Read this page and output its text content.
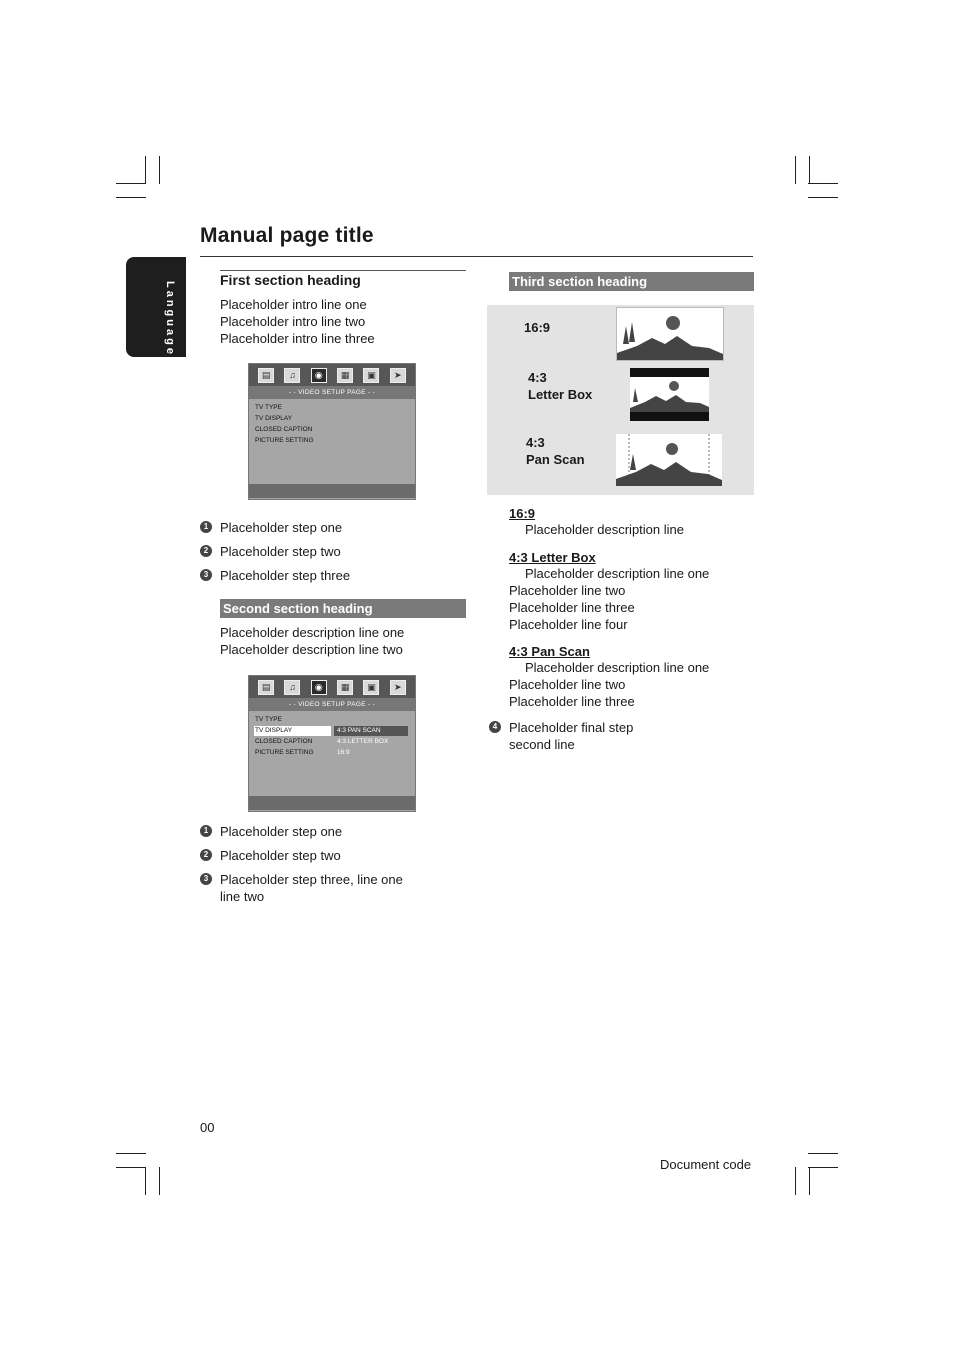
Language
Manual page title
First section heading
Placeholder intro line one
Placeholder intro line two
Placeholder intro line three
▤	♫	◉	▦	▣	➤
- - VIDEO SETUP PAGE - -
TV TYPE
TV DISPLAY
CLOSED CAPTION
PICTURE SETTING
1 Placeholder step one
2 Placeholder step two
3 Placeholder step three
Second section heading
Placeholder description line one
Placeholder description line two
▤	♫	◉	▦	▣	➤
- - VIDEO SETUP PAGE - -
TV TYPE
TV DISPLAY
CLOSED CAPTION
PICTURE SETTING
4:3 PAN SCAN
4:3 LETTER BOX
16:9
1 Placeholder step one
2 Placeholder step two
3 Placeholder step three, line one
line two
Third section heading
16:9
4:3
Letter Box
4:3
Pan Scan
16:9
Placeholder description line
4:3 Letter Box
Placeholder description line one
Placeholder line two
Placeholder line three
Placeholder line four
4:3 Pan Scan
Placeholder description line one
Placeholder line two
Placeholder line three
4 Placeholder final step
second line
00
Document code
